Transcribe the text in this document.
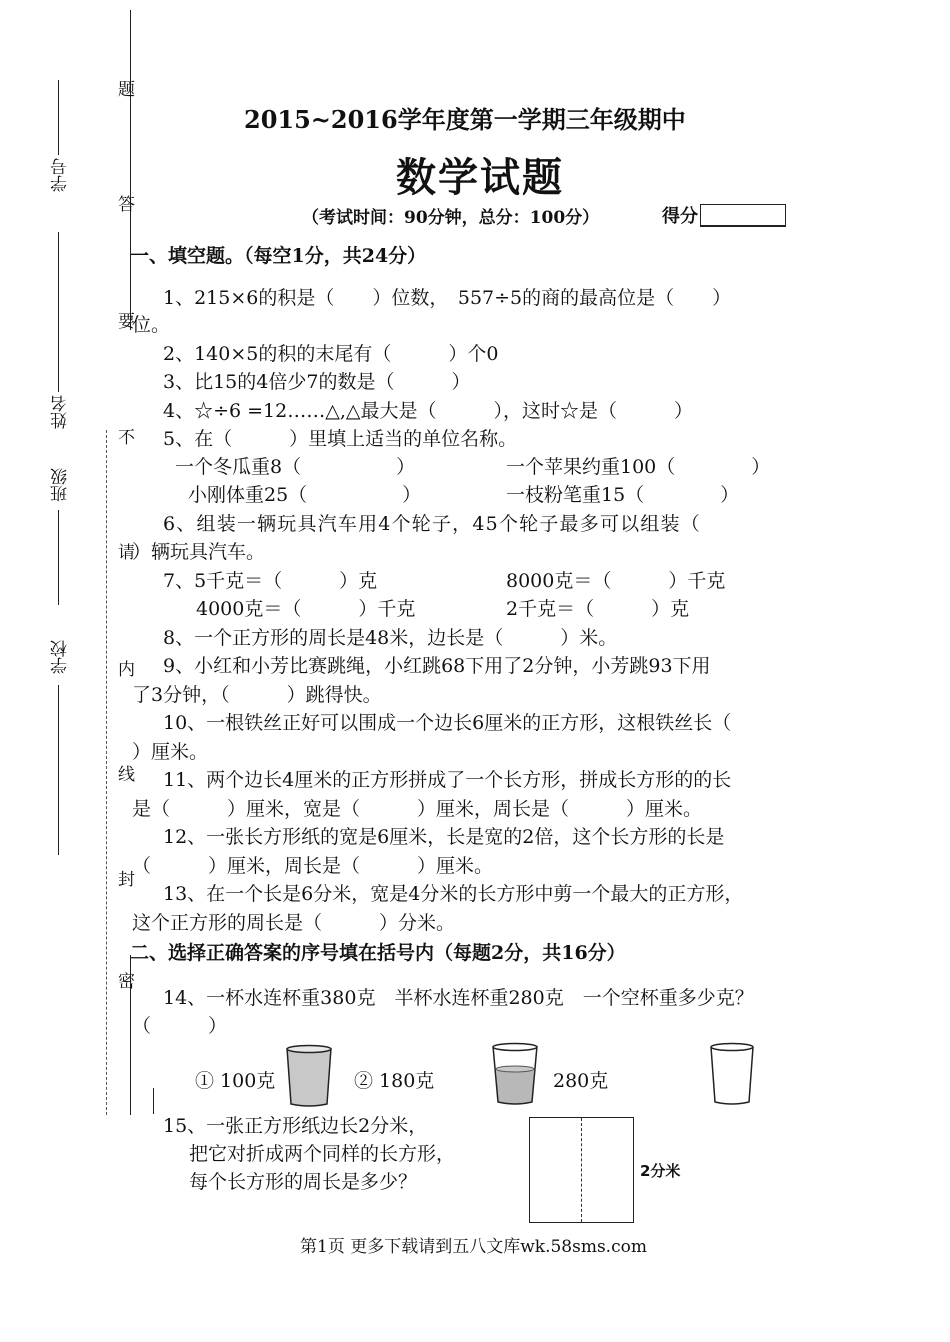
题
答
要
不
请
内
线
封
密
学号
姓名
班级
学校
2015~2016学年度第一学期三年级期中
数学试题
（考试时间：90分钟，总分：100分）	得分
一、填空题。（每空1分，共24分）
1、215×6的积是（　　）位数，　557÷5的商的最高位是（　　）
位。
2、140×5的积的末尾有（　　　）个0
3、比15的4倍少7的数是（　　　）
4、☆÷6 =12……△,△最大是（　　　），这时☆是（　　　）
5、在（　　　）里填上适当的单位名称。
一个冬瓜重8（　　　　　）	一个苹果约重100（　　　　）
小刚体重25（　　　　　）	一枝粉笔重15（　　　　）
6、组装一辆玩具汽车用4个轮子，45个轮子最多可以组装（
）辆玩具汽车。
7、5千克＝（　　　）克	8000克＝（　　　）千克
4000克＝（　　　）千克	2千克＝（　　　）克
8、一个正方形的周长是48米，边长是（　　　）米。
9、小红和小芳比赛跳绳，小红跳68下用了2分钟，小芳跳93下用
了3分钟，（　　　）跳得快。
10、一根铁丝正好可以围成一个边长6厘米的正方形，这根铁丝长（
）厘米。
11、两个边长4厘米的正方形拼成了一个长方形，拼成长方形的的长
是（　　　）厘米，宽是（　　　）厘米，周长是（　　　）厘米。
12、一张长方形纸的宽是6厘米，长是宽的2倍，这个长方形的长是
（　　　）厘米，周长是（　　　）厘米。
13、在一个长是6分米，宽是4分米的长方形中剪一个最大的正方形，
这个正方形的周长是（　　　）分米。
二、选择正确答案的序号填在括号内（每题2分，共16分）
14、一杯水连杯重380克　半杯水连杯重280克　一个空杯重多少克？
（　　　）
① 100克	② 180克	280克
15、一张正方形纸边长2分米，
把它对折成两个同样的长方形，
每个长方形的周长是多少？	2分米
第1页 更多下载请到五八文库wk.58sms.com
